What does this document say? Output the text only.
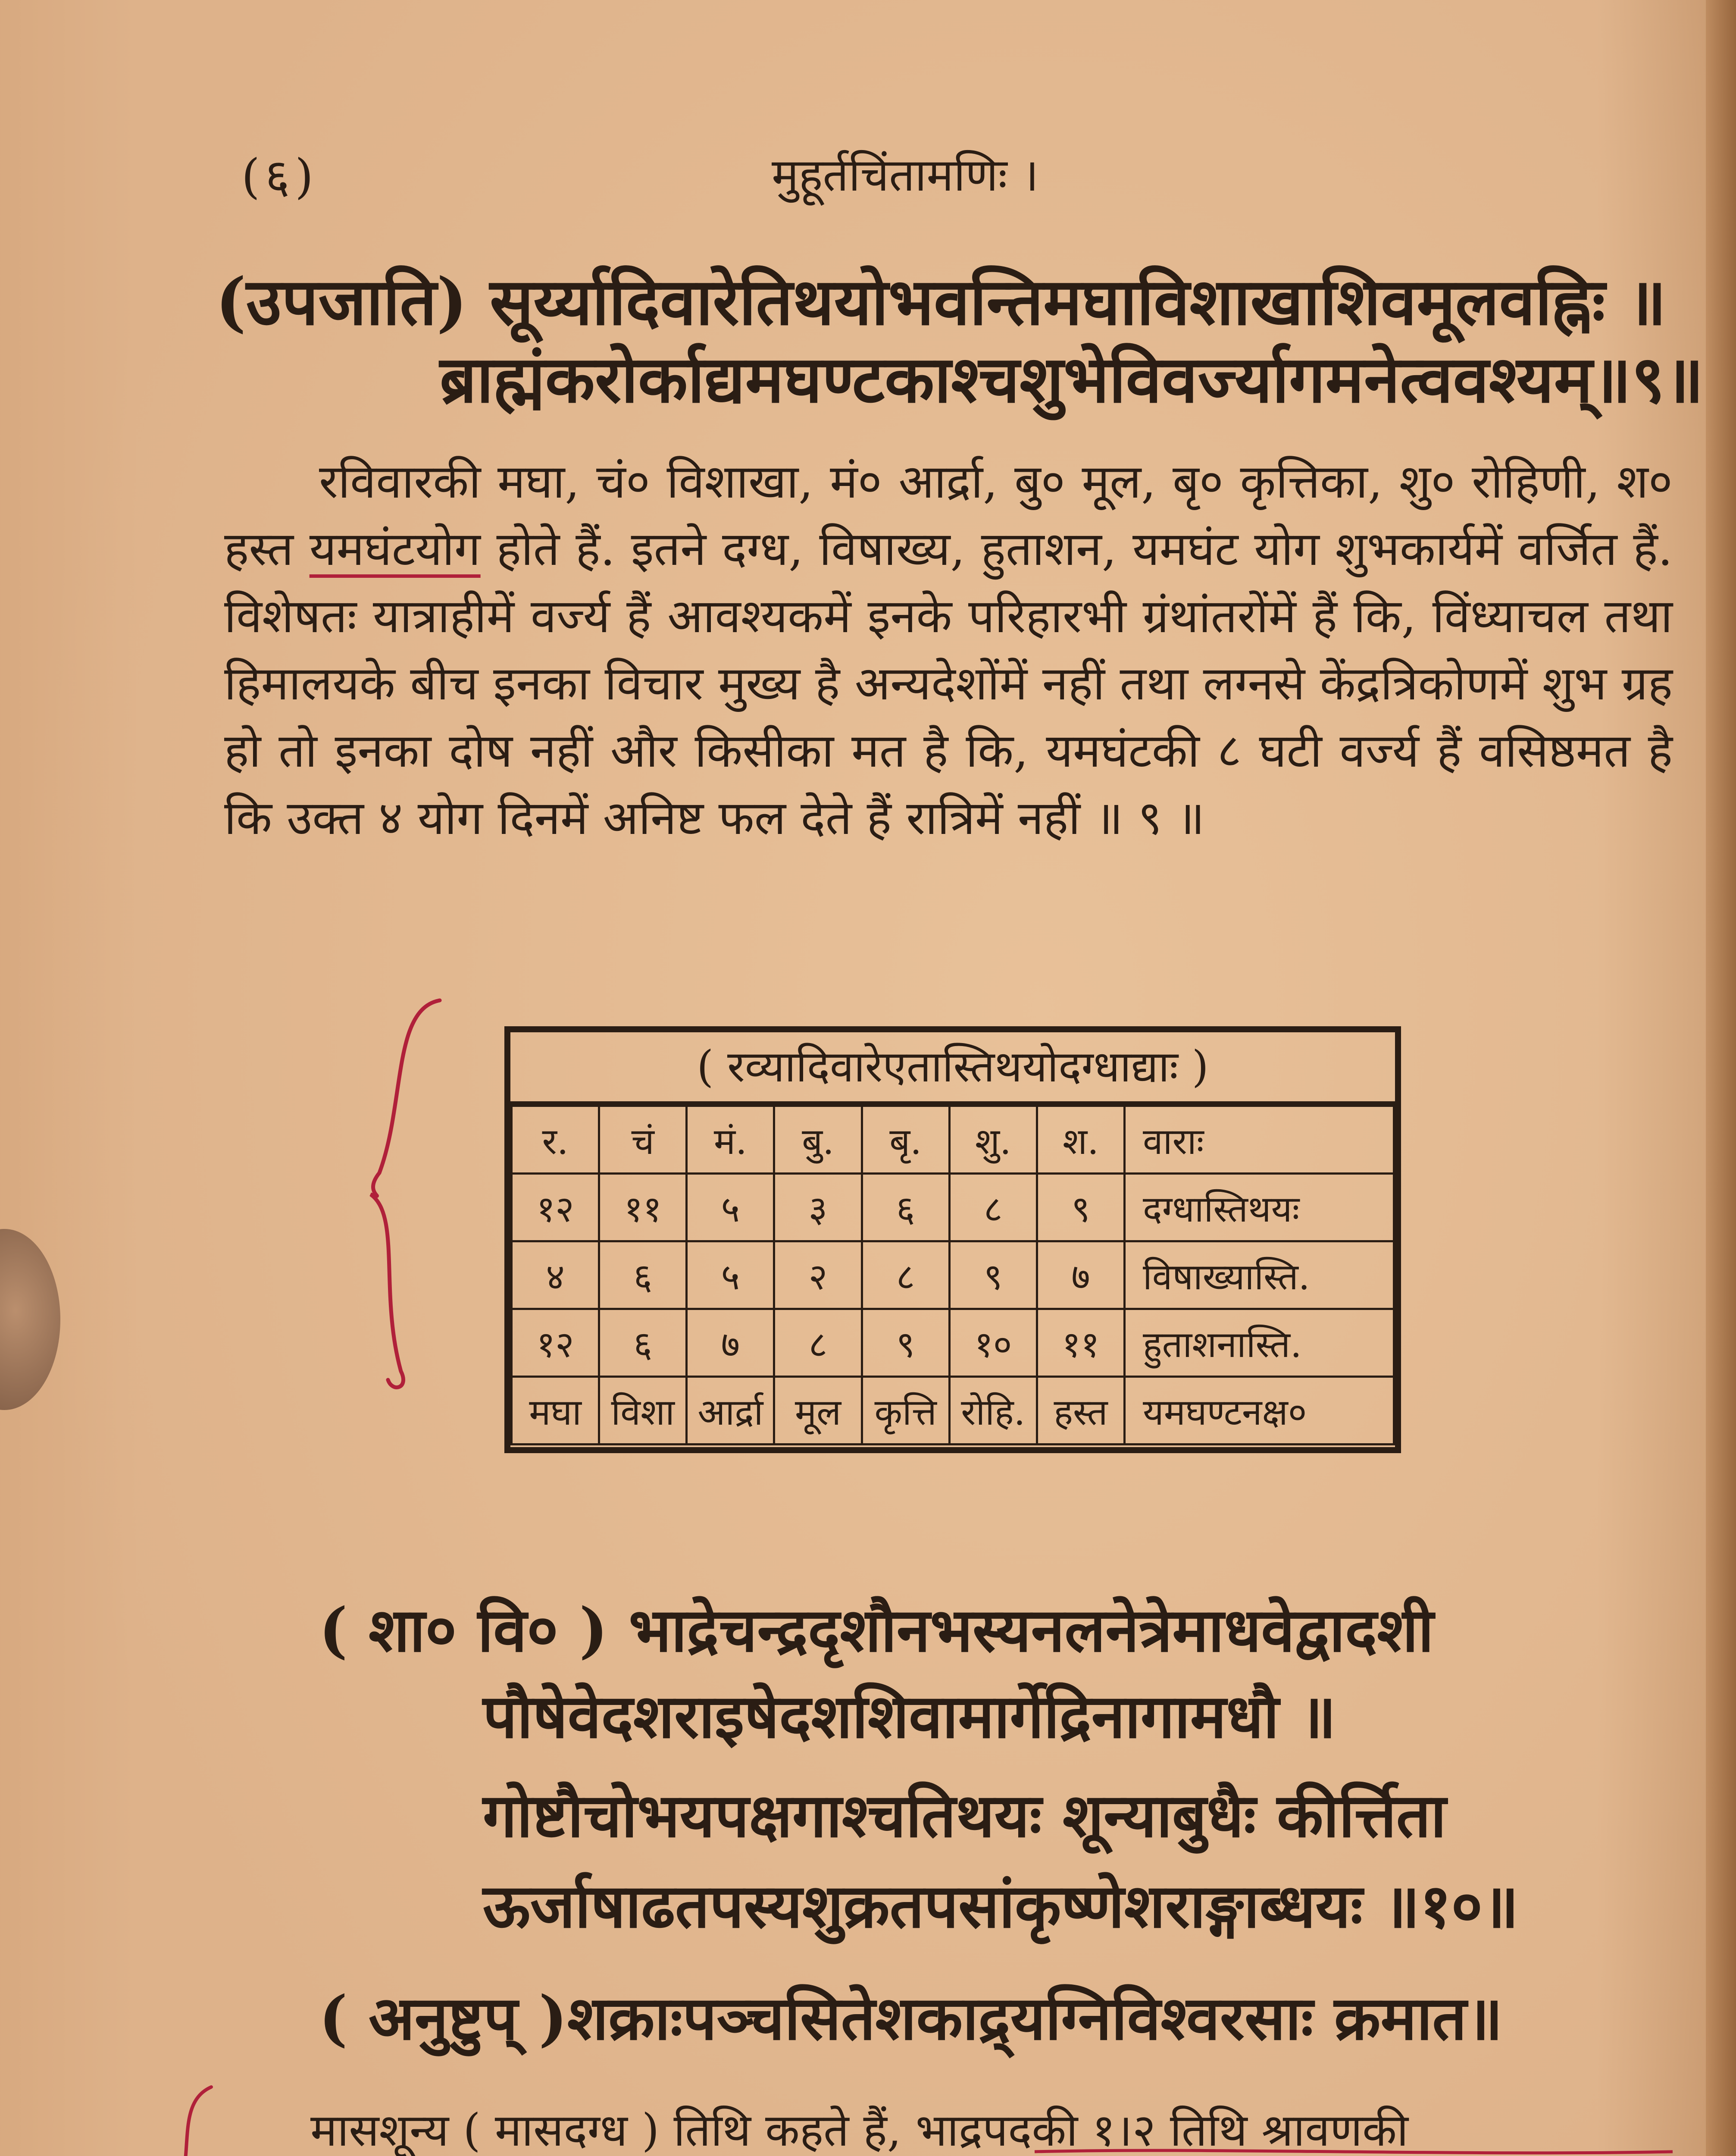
(६)	मुहूर्तचिंतामणिः ।
(उपजाति) सूर्य्यादिवारेतिथयोभवन्तिमघाविशाखाशिवमूलवह्निः ॥
ब्राह्मंकरोर्काद्यमघण्टकाश्चशुभेविवर्ज्यागमनेत्ववश्यम्॥९॥

रविवारकी मघा, चं० विशाखा, मं० आर्द्रा, बु० मूल, बृ० कृत्तिका, शु० रोहिणी, श० हस्त यमघंटयोग होते हैं. इतने दग्ध, विषाख्य, हुताशन, यमघंट योग शुभकार्यमें वर्जित हैं. विशेषतः यात्राहीमें वर्ज्य हैं आवश्यकमें इनके परिहारभी ग्रंथांतरोंमें हैं कि, विंध्याचल तथा हिमालयके बीच इनका विचार मुख्य है अन्यदेशोंमें नहीं तथा लग्नसे केंद्रत्रिकोणमें शुभ ग्रह हो तो इनका दोष नहीं और किसीका मत है कि, यमघंटकी ८ घटी वर्ज्य हैं वसिष्ठमत है कि उक्त ४ योग दिनमें अनिष्ट फल देते हैं रात्रिमें नहीं ॥ ९ ॥

( रव्यादिवारेएतास्तिथयोदग्धाद्याः )
र.	चं	मं.	बु.	बृ.	शु.	श.	वाराः
१२	११	५	३	६	८	९	दग्धास्तिथयः
४	६	५	२	८	९	७	विषाख्यास्ति.
१२	६	७	८	९	१०	११	हुताशनास्ति.
मघा	विशा	आर्द्रा	मूल	कृत्ति	रोहि.	हस्त	यमघण्टनक्ष०
( शा० वि० ) भाद्रेचन्द्रदृशौनभस्यनलनेत्रेमाधवेद्वादशी
पौषेवेदशराइषेदशशिवामार्गेद्रिनागामधौ ॥
गोष्टौचोभयपक्षगाश्चतिथयः शून्याबुधैः कीर्त्तिता
ऊर्जाषाढतपस्यशुक्रतपसांकृष्णेशराङ्गाब्धयः ॥१०॥
( अनुष्टुप् )शक्राःपञ्चसितेशकाद्र्यग्निविश्वरसाः क्रमात॥
मासशून्य ( मासदग्ध ) तिथि कहते हैं, भाद्रपदकी १।२ तिथि श्रावणकी
